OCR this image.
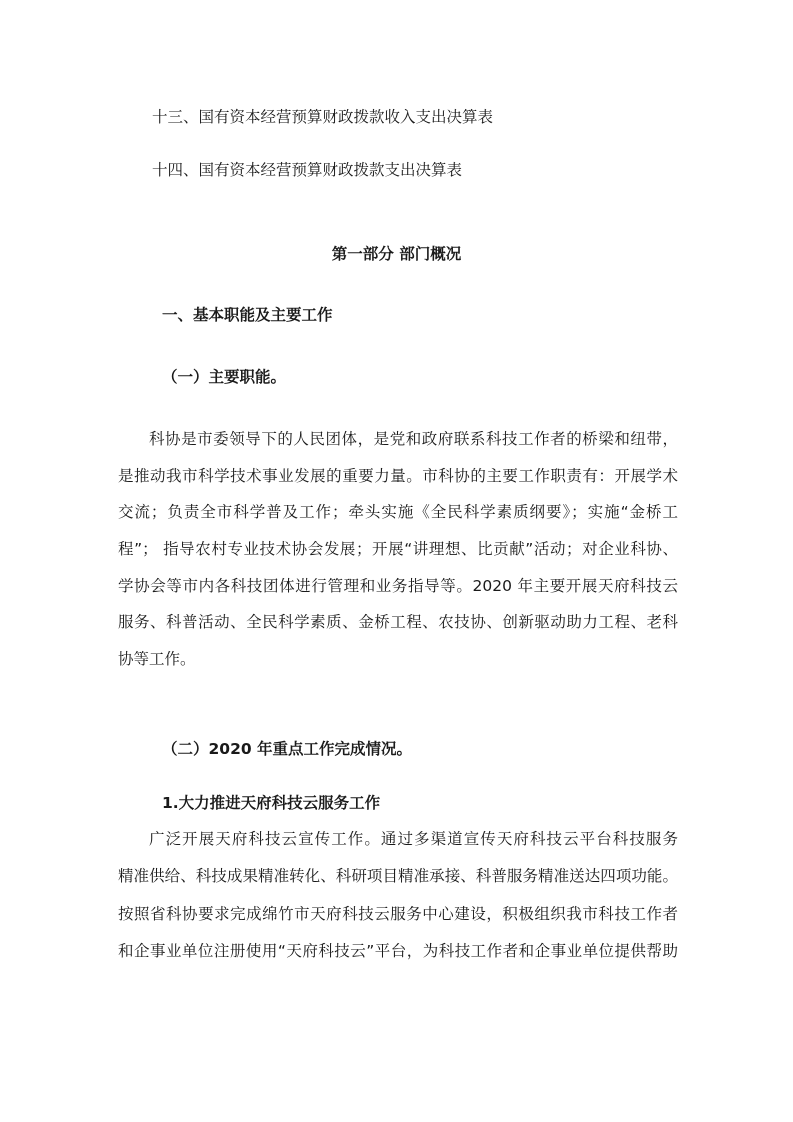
十三、国有资本经营预算财政拨款收入支出决算表

十四、国有资本经营预算财政拨款支出决算表

第一部分 部门概况

一、基本职能及主要工作

（一）主要职能。

科协是市委领导下的人民团体，是党和政府联系科技工作者的桥梁和纽带，
是推动我市科学技术事业发展的重要力量。市科协的主要工作职责有：开展学术
交流；负责全市科学普及工作；牵头实施《全民科学素质纲要》；实施“金桥工
程”； 指导农村专业技术协会发展；开展“讲理想、比贡献”活动；对企业科协、
学协会等市内各科技团体进行管理和业务指导等。2020 年主要开展天府科技云
服务、科普活动、全民科学素质、金桥工程、农技协、创新驱动助力工程、老科
协等工作。

（二）2020 年重点工作完成情况。

1.大力推进天府科技云服务工作

广泛开展天府科技云宣传工作。通过多渠道宣传天府科技云平台科技服务
精准供给、科技成果精准转化、科研项目精准承接、科普服务精准送达四项功能。
按照省科协要求完成绵竹市天府科技云服务中心建设，积极组织我市科技工作者
和企事业单位注册使用“天府科技云”平台，为科技工作者和企事业单位提供帮助
